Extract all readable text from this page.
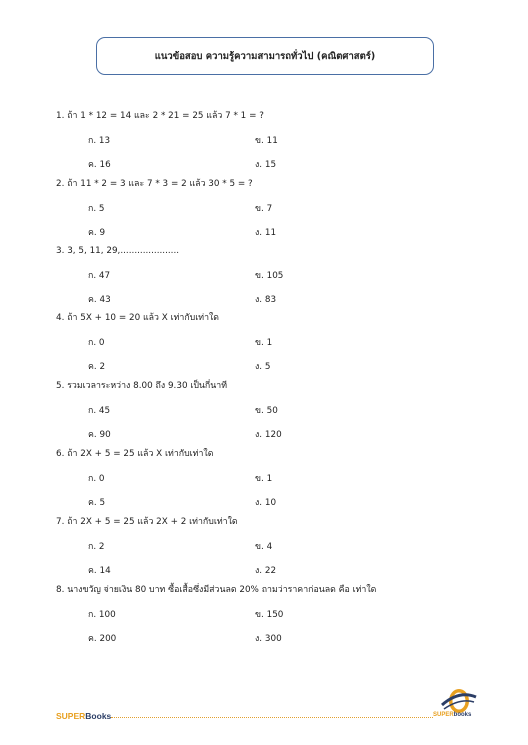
แนวข้อสอบ ความรู้ความสามารถทั่วไป (คณิตศาสตร์)
1. ถ้า 1 * 12 = 14 และ 2 * 21 = 25 แล้ว 7 * 1 = ?
ก. 13	ข. 11
ค. 16	ง. 15
2. ถ้า 11 * 2 = 3 และ 7 * 3 = 2 แล้ว 30 * 5 = ?
ก. 5	ข. 7
ค. 9	ง. 11
3. 3, 5, 11, 29,.....................
ก. 47	ข. 105
ค. 43	ง. 83
4. ถ้า 5X + 10 = 20 แล้ว X เท่ากับเท่าใด
ก. 0	ข. 1
ค. 2	ง. 5
5. รวมเวลาระหว่าง 8.00 ถึง 9.30 เป็นกี่นาที
ก. 45	ข. 50
ค. 90	ง. 120
6. ถ้า 2X + 5 = 25 แล้ว X เท่ากับเท่าใด
ก. 0	ข. 1
ค. 5	ง. 10
7. ถ้า 2X + 5 = 25 แล้ว 2X + 2 เท่ากับเท่าใด
ก. 2	ข. 4
ค. 14	ง. 22
8. นางขวัญ จ่ายเงิน 80 บาท ซื้อเสื้อซึ่งมีส่วนลด 20% ถามว่าราคาก่อนลด คือ เท่าใด
ก. 100	ข. 150
ค. 200	ง. 300
SUPERBooks	SUPERbooks
